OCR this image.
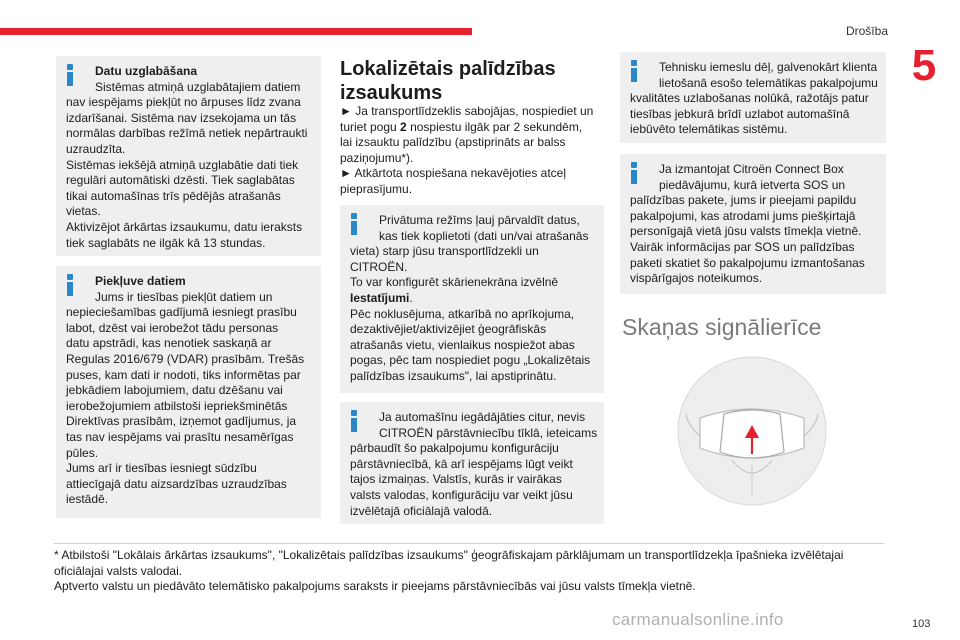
Drošība
5
Datu uzglabāšana
Sistēmas atmiņā uzglabātajiem datiem
nav iespējams piekļūt no ārpuses līdz zvana
izdarīšanai. Sistēma nav izsekojama un tās
normālas darbības režīmā netiek nepārtraukti
uzraudzīta.
Sistēmas iekšējā atmiņā uzglabātie dati tiek
regulāri automātiski dzēsti. Tiek saglabātas
tikai automašīnas trīs pēdējās atrašanās
vietas.
Aktivizējot ārkārtas izsaukumu, datu ieraksts
tiek saglabāts ne ilgāk kā 13 stundas.
Piekļuve datiem
Jums ir tiesības piekļūt datiem un
nepieciešamības gadījumā iesniegt prasību
labot, dzēst vai ierobežot tādu personas
datu apstrādi, kas nenotiek saskaņā ar
Regulas 2016/679 (VDAR) prasībām. Trešās
puses, kam dati ir nodoti, tiks informētas par
jebkādiem labojumiem, datu dzēšanu vai
ierobežojumiem atbilstoši iepriekšminētās
Direktīvas prasībām, izņemot gadījumus, ja
tas nav iespējams vai prasītu nesamērīgas
pūles.
Jums arī ir tiesības iesniegt sūdzību
attiecīgajā datu aizsardzības uzraudzības
iestādē.
Lokalizētais palīdzības
izsaukums
► Ja transportlīdzeklis sabojājas, nospiediet un
turiet pogu 2 nospiestu ilgāk par 2 sekundēm,
lai izsauktu palīdzību (apstiprināts ar balss
paziņojumu*).
► Atkārtota nospiešana nekavējoties atceļ
pieprasījumu.
Privātuma režīms ļauj pārvaldīt datus,
kas tiek koplietoti (dati un/vai atrašanās
vieta) starp jūsu transportlīdzekli un
CITROËN.
To var konfigurēt skārienekrāna izvēlnē
Iestatījumi.
Pēc noklusējuma, atkarībā no aprīkojuma,
dezaktivējiet/aktivizējiet ģeogrāfiskās
atrašanās vietu, vienlaikus nospiežot abas
pogas, pēc tam nospiediet pogu „Lokalizētais
palīdzības izsaukums", lai apstiprinātu.
Ja automašīnu iegādājāties citur, nevis
CITROËN pārstāvniecību tīklā, ieteicams
pārbaudīt šo pakalpojumu konfigurāciju
pārstāvniecībā, kā arī iespējams lūgt veikt
tajos izmaiņas. Valstīs, kurās ir vairākas
valsts valodas, konfigurāciju var veikt jūsu
izvēlētajā oficiālajā valodā.
Tehnisku iemeslu dēļ, galvenokārt klienta
lietošanā esošo telemātikas pakalpojumu
kvalitātes uzlabošanas nolūkā, ražotājs patur
tiesības jebkurā brīdī uzlabot automašīnā
iebūvēto telemātikas sistēmu.
Ja izmantojat Citroën Connect Box
piedāvājumu, kurā ietverta SOS un
palīdzības pakete, jums ir pieejami papildu
pakalpojumi, kas atrodami jums piešķirtajā
personīgajā vietā jūsu valsts tīmekļa vietnē.
Vairāk informācijas par SOS un palīdzības
paketi skatiet šo pakalpojumu izmantošanas
vispārīgajos noteikumos.
Skaņas signālierīce
* Atbilstoši "Lokālais ārkārtas izsaukums", "Lokalizētais palīdzības izsaukums" ģeogrāfiskajam pārklājumam un transportlīdzekļa īpašnieka izvēlētajai
oficiālajai valsts valodai.
Aptverto valstu un piedāvāto telemātisko pakalpojums saraksts ir pieejams pārstāvniecībās vai jūsu valsts tīmekļa vietnē.
carmanualsonline.info	103
